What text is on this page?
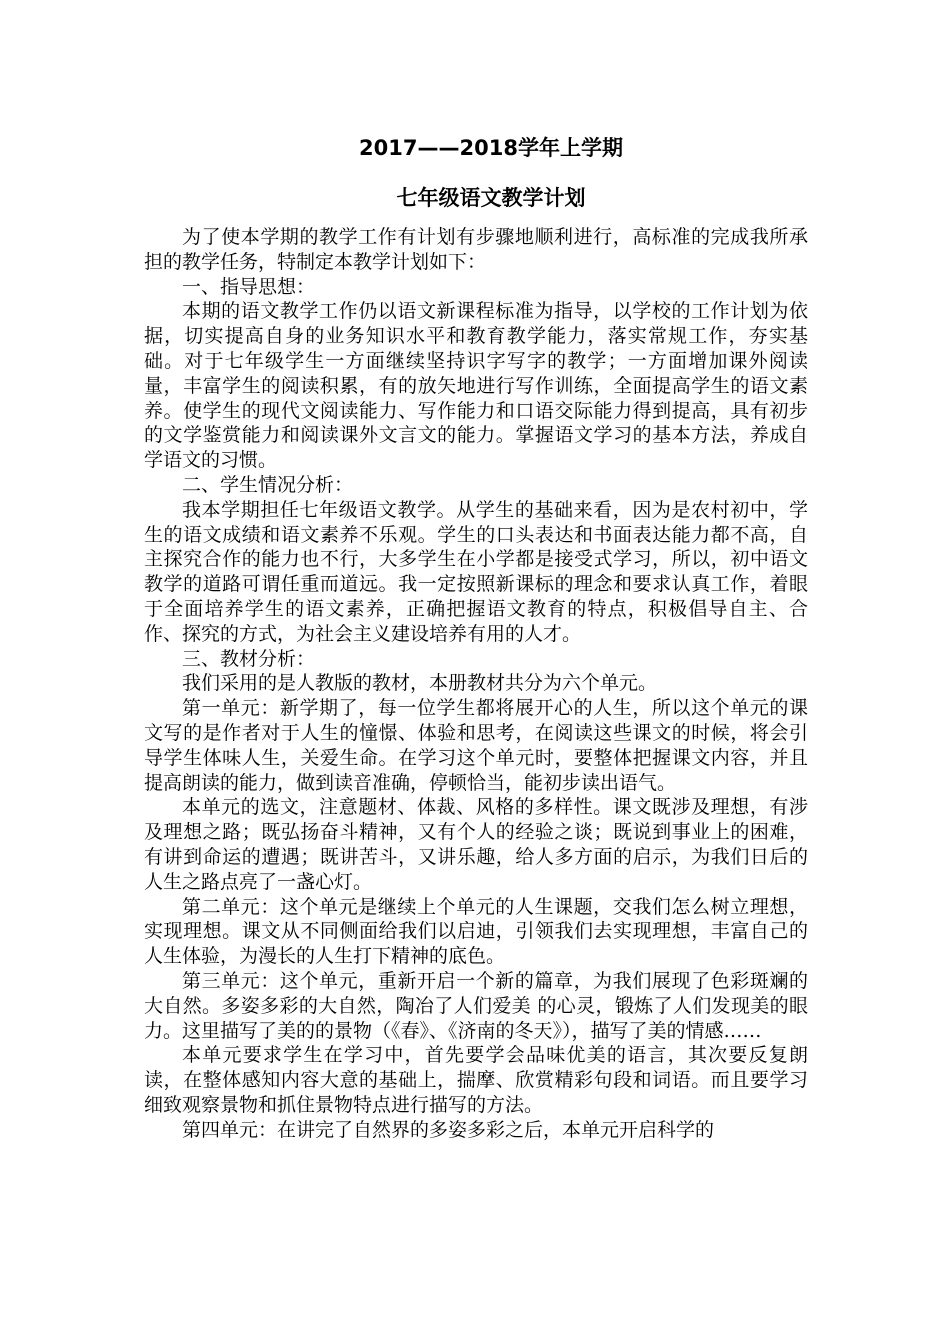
2017——2018学年上学期
七年级语文教学计划

为了使本学期的教学工作有计划有步骤地顺利进行，高标准的完成我所承担的教学任务，特制定本教学计划如下：

一、指导思想：

本期的语文教学工作仍以语文新课程标准为指导，以学校的工作计划为依据，切实提高自身的业务知识水平和教育教学能力，落实常规工作，夯实基础。对于七年级学生一方面继续坚持识字写字的教学；一方面增加课外阅读量，丰富学生的阅读积累，有的放矢地进行写作训练，全面提高学生的语文素养。使学生的现代文阅读能力、写作能力和口语交际能力得到提高，具有初步的文学鉴赏能力和阅读课外文言文的能力。掌握语文学习的基本方法，养成自学语文的习惯。

二、学生情况分析：

我本学期担任七年级语文教学。从学生的基础来看，因为是农村初中，学生的语文成绩和语文素养不乐观。学生的口头表达和书面表达能力都不高，自主探究合作的能力也不行，大多学生在小学都是接受式学习，所以，初中语文教学的道路可谓任重而道远。我一定按照新课标的理念和要求认真工作，着眼于全面培养学生的语文素养，正确把握语文教育的特点，积极倡导自主、合作、探究的方式，为社会主义建设培养有用的人才。

三、教材分析：

我们采用的是人教版的教材，本册教材共分为六个单元。

第一单元：新学期了，每一位学生都将展开心的人生，所以这个单元的课文写的是作者对于人生的憧憬、体验和思考，在阅读这些课文的时候，将会引导学生体味人生，关爱生命。在学习这个单元时，要整体把握课文内容，并且提高朗读的能力，做到读音准确，停顿恰当，能初步读出语气。

本单元的选文，注意题材、体裁、风格的多样性。课文既涉及理想，有涉及理想之路；既弘扬奋斗精神，又有个人的经验之谈；既说到事业上的困难，有讲到命运的遭遇；既讲苦斗，又讲乐趣，给人多方面的启示，为我们日后的人生之路点亮了一盏心灯。

第二单元：这个单元是继续上个单元的人生课题，交我们怎么树立理想，实现理想。课文从不同侧面给我们以启迪，引领我们去实现理想，丰富自己的人生体验，为漫长的人生打下精神的底色。

第三单元：这个单元，重新开启一个新的篇章，为我们展现了色彩斑斓的大自然。多姿多彩的大自然，陶冶了人们爱美 的心灵，锻炼了人们发现美的眼力。这里描写了美的的景物（《春》、《济南的冬天》），描写了美的情感……

本单元要求学生在学习中，首先要学会品味优美的语言，其次要反复朗读，在整体感知内容大意的基础上，揣摩、欣赏精彩句段和词语。而且要学习细致观察景物和抓住景物特点进行描写的方法。

第四单元：在讲完了自然界的多姿多彩之后，本单元开启科学的
